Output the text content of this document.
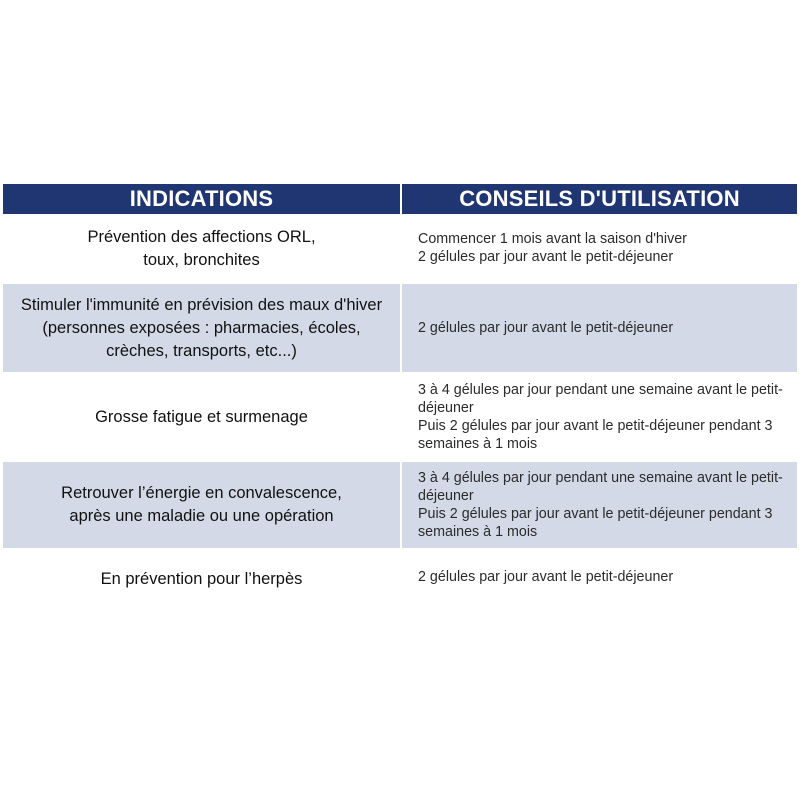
INDICATIONS	CONSEILS D'UTILISATION
Prévention des affections ORL,
toux, bronchites
Commencer 1 mois avant la saison d'hiver
2 gélules par jour avant le petit-déjeuner
Stimuler l'immunité en prévision des maux d'hiver (personnes exposées : pharmacies, écoles, crèches, transports, etc...)
2 gélules par jour avant le petit-déjeuner
Grosse fatigue et surmenage
3 à 4 gélules par jour pendant une semaine avant le petit-déjeuner
Puis 2 gélules par jour avant le petit-déjeuner pendant 3 semaines à 1 mois
Retrouver l’énergie en convalescence,
après une maladie ou une opération
3 à 4 gélules par jour pendant une semaine avant le petit-déjeuner
Puis 2 gélules par jour avant le petit-déjeuner pendant 3 semaines à 1 mois
En prévention pour l’herpès	2 gélules par jour avant le petit-déjeuner
